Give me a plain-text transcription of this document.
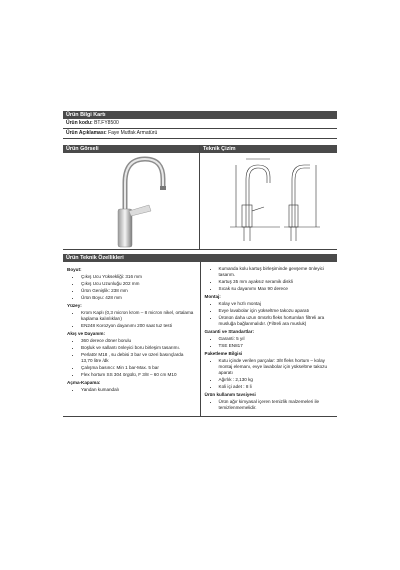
Ürün Bilgi Kartı
Ürün kodu: BT.FY8500
Ürün Açıklaması: Faye Mutfak Armatürü
Ürün Görseli	Teknik Çizim
Ürün Teknik Özellikleri
Boyut:
• Çıkış Ucu Yüksekliği: 316 mm
• Çıkış Ucu Uzunluğu 202 mm
• Ürün Genişlik: 238 mm
• Ürün Boyu: 428 mm
Yüzey:
• Krom Kaplı (0,3 micron krom – 8 micron nikel, ortalama kaplama kalınlıkları)
• EN248 Korozyon dayanımı 200 saat tuz testi
Akış ve Dayanım:
• 360 derece döner borulu
• Boşluk ve sallantı önleyici boru birleşim tasarımı.
• Perlatör M18 , su debisi 3 bar ve üzeri basınçlarda 13,70 litre /dk
• Çalışma basıncı: Min 1 bar-Max. 5 bar
• Flex hortum SS 304 örgülü, F 3/8 – 60 cm M10
Açma-Kapama:
• Yandan kumandalı
• Kumanda kolu kartuş birleşiminde gevşeme önleyici tasarım.
• Kartuş 35 mm ayaksız seramik diskli
• Sıcak su dayanımı Max 90 derece
Montaj:
• Kolay ve hızlı montaj
• Evye lavabolar için yükseltme takozu aparatı
• Ürünün daha uzun ömürlü fleks hortumları filtreli ara musluğa bağlanmalıdır. (Filtreli ara musluk)
Garanti ve Standartlar:
• Garanti: 5 yıl
• TSE EN817
Paketleme Bilgisi
• Kutu içinde verilen parçalar: 3/8 fleks hortum – kolay montaj elemanı, evye lavabolar için yükseltme takozu aparatı
• Ağırlık : 2,130 kg
• Koli içi adet : 8 li
Ürün kullanım tavsiyesi
• Ürün ağır kimyasal içeren temizlik malzemeleri ile temizlenmemelidir.
